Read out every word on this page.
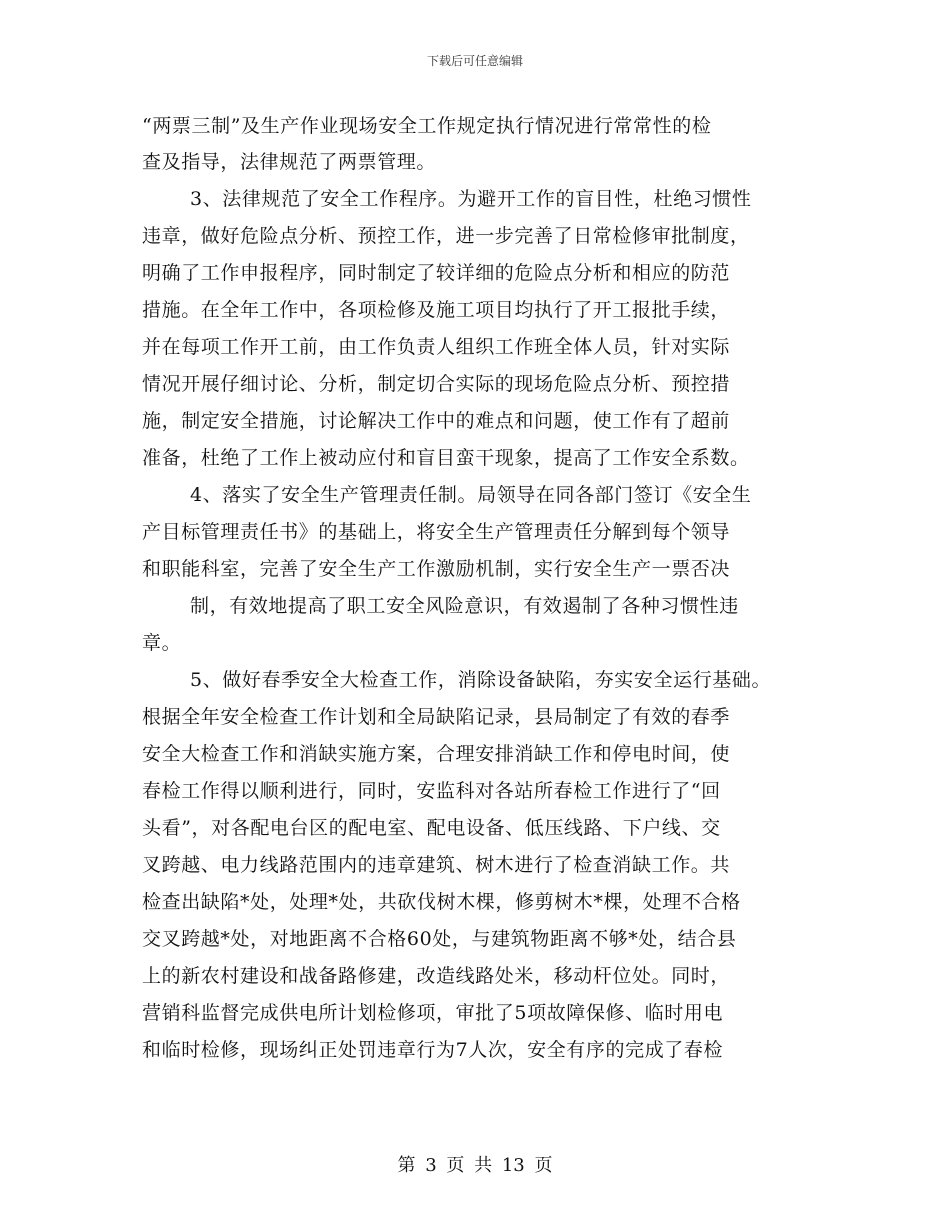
下载后可任意编辑
“两票三制”及生产作业现场安全工作规定执行情况进行常常性的检
查及指导，法律规范了两票管理。
3、法律规范了安全工作程序。为避开工作的盲目性，杜绝习惯性
违章，做好危险点分析、预控工作，进一步完善了日常检修审批制度，
明确了工作申报程序，同时制定了较详细的危险点分析和相应的防范
措施。在全年工作中，各项检修及施工项目均执行了开工报批手续，
并在每项工作开工前，由工作负责人组织工作班全体人员，针对实际
情况开展仔细讨论、分析，制定切合实际的现场危险点分析、预控措
施，制定安全措施，讨论解决工作中的难点和问题，使工作有了超前
准备，杜绝了工作上被动应付和盲目蛮干现象，提高了工作安全系数。
4、落实了安全生产管理责任制。局领导在同各部门签订《安全生
产目标管理责任书》的基础上，将安全生产管理责任分解到每个领导
和职能科室，完善了安全生产工作激励机制，实行安全生产一票否决
制，有效地提高了职工安全风险意识，有效遏制了各种习惯性违
章。
5、做好春季安全大检查工作，消除设备缺陷，夯实安全运行基础。
根据全年安全检查工作计划和全局缺陷记录，县局制定了有效的春季
安全大检查工作和消缺实施方案，合理安排消缺工作和停电时间，使
春检工作得以顺利进行，同时，安监科对各站所春检工作进行了“回
头看”，对各配电台区的配电室、配电设备、低压线路、下户线、交
叉跨越、电力线路范围内的违章建筑、树木进行了检查消缺工作。共
检查出缺陷*处，处理*处，共砍伐树木棵，修剪树木*棵，处理不合格
交叉跨越*处，对地距离不合格60处，与建筑物距离不够*处，结合县
上的新农村建设和战备路修建，改造线路处米，移动杆位处。同时，
营销科监督完成供电所计划检修项，审批了5项故障保修、临时用电
和临时检修，现场纠正处罚违章行为7人次，安全有序的完成了春检
第 3 页 共 13 页
